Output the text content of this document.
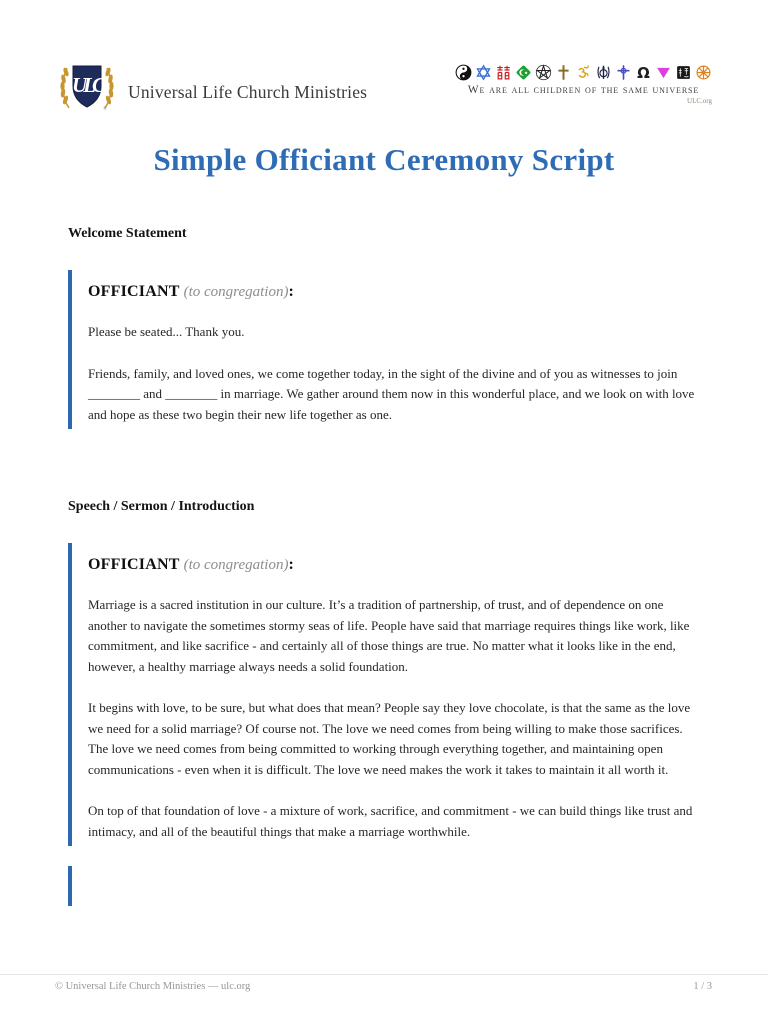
ULC
®
Universal Life Church Ministries
Ω
We are all children of the same universe
ULC.org
Simple Officiant Ceremony Script
Welcome Statement

OFFICIANT (to congregation):

Please be seated... Thank you.

Friends, family, and loved ones, we come together today, in the sight of the divine and of you as witnesses to join ________ and ________ in marriage. We gather around them now in this wonderful place, and we look on with love and hope as these two begin their new life together as one.

Speech / Sermon / Introduction

OFFICIANT (to congregation):

Marriage is a sacred institution in our culture. It’s a tradition of partnership, of trust, and of dependence on one another to navigate the sometimes stormy seas of life. People have said that marriage requires things like work, like commitment, and like sacrifice - and certainly all of those things are true. No matter what it looks like in the end, however, a healthy marriage always needs a solid foundation.

It begins with love, to be sure, but what does that mean? People say they love chocolate, is that the same as the love we need for a solid marriage? Of course not. The love we need comes from being willing to make those sacrifices. The love we need comes from being committed to working through everything together, and maintaining open communications - even when it is difficult. The love we need makes the work it takes to maintain it all worth it.

On top of that foundation of love - a mixture of work, sacrifice, and commitment - we can build things like trust and intimacy, and all of the beautiful things that make a marriage worthwhile.

© Universal Life Church Ministries — ulc.org	1 / 3
